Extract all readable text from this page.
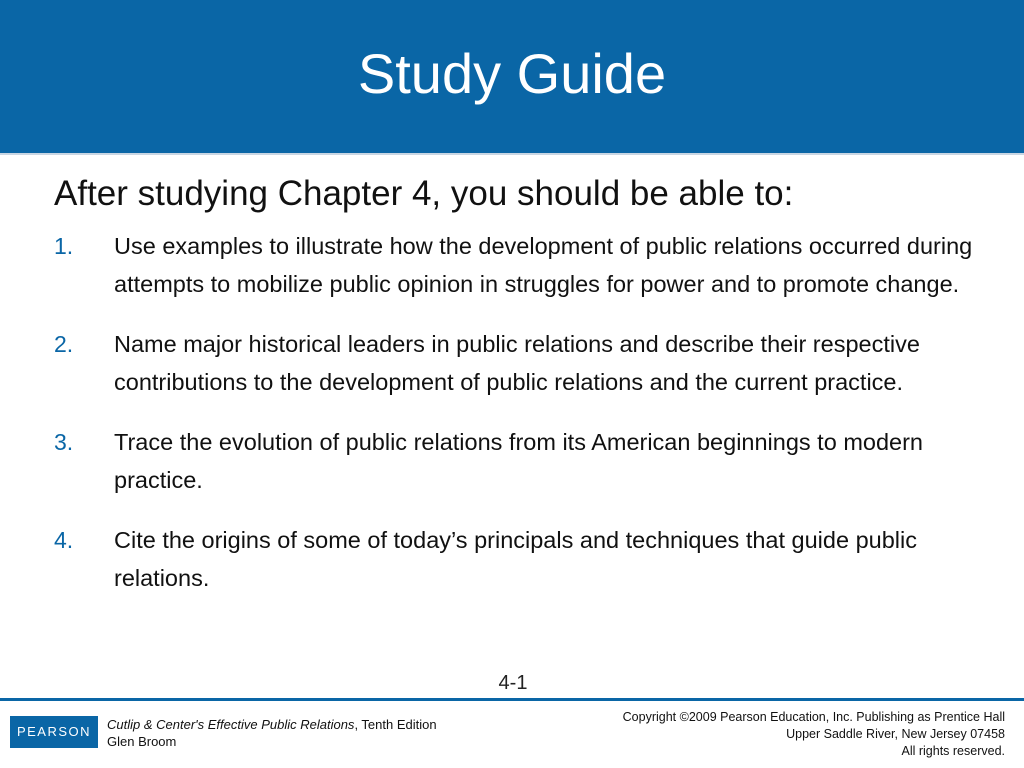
Study Guide
After studying Chapter 4, you should be able to:
1.	Use examples to illustrate how the development of public relations occurred during attempts to mobilize public opinion in struggles for power and to promote change.
2.	Name major historical leaders in public relations and describe their respective contributions to the development of public relations and the current practice.
3.	Trace the evolution of public relations from its American beginnings to modern practice.
4.	Cite the origins of some of today’s principals and techniques that guide public relations.
4-1
PEARSON	Cutlip & Center's Effective Public Relations, Tenth Edition
Glen Broom
Copyright ©2009 Pearson Education, Inc. Publishing as Prentice Hall
Upper Saddle River, New Jersey 07458
All rights reserved.
